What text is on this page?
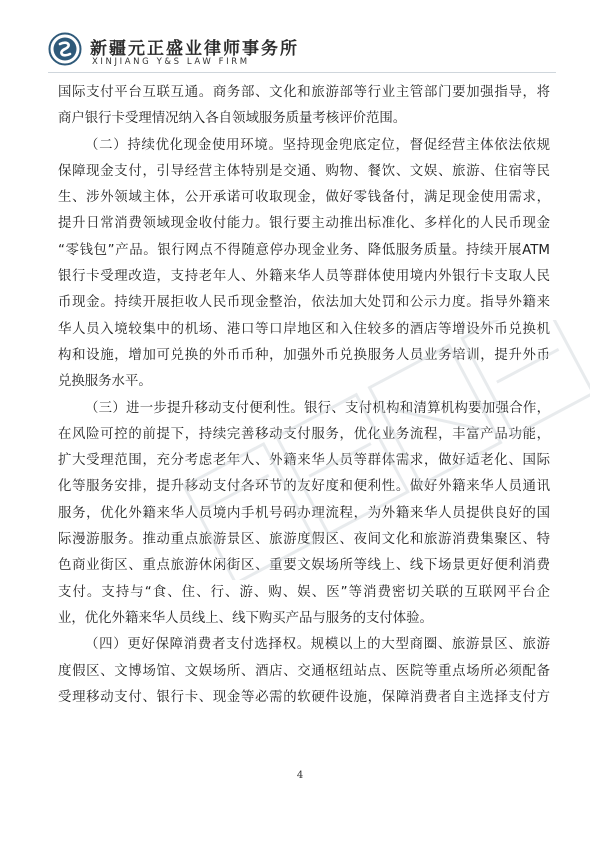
新疆元正盛业律师事务所
XINJIANG Y&S LAW FIRM
国际支付平台互联互通。商务部、文化和旅游部等行业主管部门要加强指导，将
商户银行卡受理情况纳入各自领域服务质量考核评价范围。
（二）持续优化现金使用环境。坚持现金兜底定位，督促经营主体依法依规
保障现金支付，引导经营主体特别是交通、购物、餐饮、文娱、旅游、住宿等民
生、涉外领域主体，公开承诺可收取现金，做好零钱备付，满足现金使用需求，
提升日常消费领域现金收付能力。银行要主动推出标准化、多样化的人民币现金
“零钱包”产品。银行网点不得随意停办现金业务、降低服务质量。持续开展ATM
银行卡受理改造，支持老年人、外籍来华人员等群体使用境内外银行卡支取人民
币现金。持续开展拒收人民币现金整治，依法加大处罚和公示力度。指导外籍来
华人员入境较集中的机场、港口等口岸地区和入住较多的酒店等增设外币兑换机
构和设施，增加可兑换的外币币种，加强外币兑换服务人员业务培训，提升外币
兑换服务水平。
（三）进一步提升移动支付便利性。银行、支付机构和清算机构要加强合作，
在风险可控的前提下，持续完善移动支付服务，优化业务流程，丰富产品功能，
扩大受理范围，充分考虑老年人、外籍来华人员等群体需求，做好适老化、国际
化等服务安排，提升移动支付各环节的友好度和便利性。做好外籍来华人员通讯
服务，优化外籍来华人员境内手机号码办理流程，为外籍来华人员提供良好的国
际漫游服务。推动重点旅游景区、旅游度假区、夜间文化和旅游消费集聚区、特
色商业街区、重点旅游休闲街区、重要文娱场所等线上、线下场景更好便利消费
支付。支持与“食、住、行、游、购、娱、医”等消费密切关联的互联网平台企
业，优化外籍来华人员线上、线下购买产品与服务的支付体验。
（四）更好保障消费者支付选择权。规模以上的大型商圈、旅游景区、旅游
度假区、文博场馆、文娱场所、酒店、交通枢纽站点、医院等重点场所必须配备
受理移动支付、银行卡、现金等必需的软硬件设施，保障消费者自主选择支付方
4
